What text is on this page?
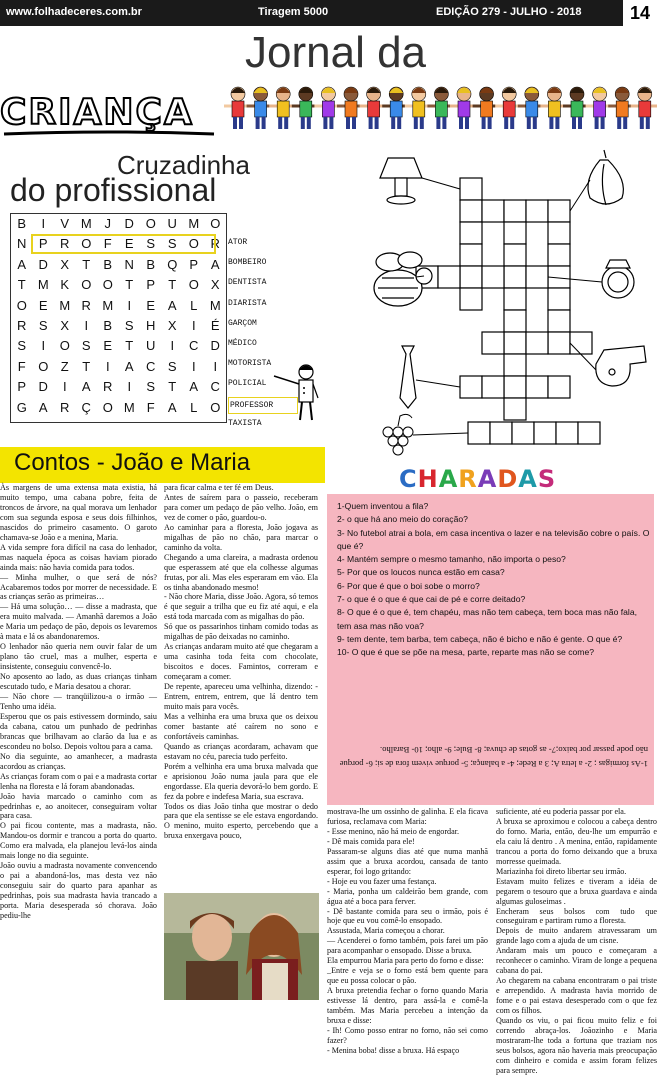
www.folhadeceres.com.br	Tiragem 5000	EDIÇÃO 279 - JULHO - 2018	14
Jornal da
CRIANÇA
Cruzadinha
do profissional
B	I	V M J	D O U M O
N P R O F	E S S O R
A D X	T	B N B Q P A
T M K O O T	P	T O X
O E M R M	I	E A	L M
R S X	I	B S H X	I	É
S	I	O S E	T U	I	C D
F O Z	T	I	A C S	I	I
P D	I	A R	I	S	T	A C
G A R Ç O M F	A	L O
ATOR
BOMBEIRO
DENTISTA
DIARISTA
GARÇOM
MÉDICO
MOTORISTA
POLICIAL
PROFESSOR
TAXISTA
Contos - João e Maria
CHARADAS
1-Quem inventou a fila?
2- o que há ano meio do coração?
3- No futebol atrai a bola, em casa incentiva o lazer e na televisão cobre o país. O que é?
4- Mantém sempre o mesmo tamanho, não importa o peso?
5- Por que os loucos nunca estão em casa?
6- Por que é que o boi sobe o morro?
7- o que é o que é que cai de pé e corre deitado?
8- O que é o que é, tem chapéu, mas não tem cabeça, tem boca mas não fala, tem asa mas não voa?
9- tem dente, tem barba, tem cabeça, não é bicho e não é gente. O que é?
10- O que é que se põe na mesa, parte, reparte mas não se come?
1-As formigas ; 2- a letra A; 3 a Rede; 4- a balança; 5- porque vivem fora de si; 6- porque não pode passar por baixo;7- as gotas de chuva; 8- Bule; 9- alho; 10- Baralho.

Às margens de uma extensa mata existia, há muito tempo, uma cabana pobre, feita de troncos de árvore, na qual morava um lenhador com sua segunda esposa e seus dois filhinhos, nascidos do primeiro casamento. O garoto chamava-se João e a menina, Maria.

A vida sempre fora difícil na casa do lenhador, mas naquela época as coisas haviam piorado ainda mais: não havia comida para todos.

— Minha mulher, o que será de nós? Acabaremos todos por morrer de necessidade. E as crianças serão as primeiras…

— Há uma solução… — disse a madrasta, que era muito malvada. — Amanhã daremos a João e Maria um pedaço de pão, depois os levaremos à mata e lá os abandonaremos.

O lenhador não queria nem ouvir falar de um plano tão cruel, mas a mulher, esperta e insistente, conseguiu convencê-lo.

No aposento ao lado, as duas crianças tinham escutado tudo, e Maria desatou a chorar.

— Não chore — tranqüilizou-a o irmão — Tenho uma idéia.

Esperou que os pais estivessem dormindo, saiu da cabana, catou um punhado de pedrinhas brancas que brilhavam ao clarão da lua e as escondeu no bolso. Depois voltou para a cama.

No dia seguinte, ao amanhecer, a madrasta acordou as crianças.

As crianças foram com o pai e a madrasta cortar lenha na floresta e lá foram abandonadas.

João havia marcado o caminho com as pedrinhas e, ao anoitecer, conseguiram voltar para casa.

O pai ficou contente, mas a madrasta, não. Mandou-os dormir e trancou a porta do quarto. Como era malvada, ela planejou levá-los ainda mais longe no dia seguinte.

João ouviu a madrasta novamente convencendo o pai a abandoná-los, mas desta vez não conseguiu sair do quarto para apanhar as pedrinhas, pois sua madrasta havia trancado a porta. Maria desesperada só chorava. João pediu-lhe

para ficar calma e ter fé em Deus.

Antes de saírem para o passeio, receberam para comer um pedaço de pão velho. João, em vez de comer o pão, guardou-o.

Ao caminhar para a floresta, João jogava as migalhas de pão no chão, para marcar o caminho da volta.

Chegando a uma clareira, a madrasta ordenou que esperassem até que ela colhesse algumas frutas, por ali. Mas eles esperaram em vão. Ela os tinha abandonado mesmo!

- Não chore Maria, disse João. Agora, só temos é que seguir a trilha que eu fiz até aqui, e ela está toda marcada com as migalhas do pão.

Só que os passarinhos tinham comido todas as migalhas de pão deixadas no caminho.

As crianças andaram muito até que chegaram a uma casinha toda feita com chocolate, biscoitos e doces. Famintos, correram e começaram a comer.

De repente, apareceu uma velhinha, dizendo: - Entrem, entrem, entrem, que lá dentro tem muito mais para vocês.

Mas a velhinha era uma bruxa que os deixou comer bastante até caírem no sono e confortáveis caminhas.

Quando as crianças acordaram, achavam que estavam no céu, parecia tudo perfeito.

Porém a velhinha era uma bruxa malvada que e aprisionou João numa jaula para que ele engordasse. Ela queria devorá-lo bem gordo. E fez da pobre e indefesa Maria, sua escrava.

Todos os dias João tinha que mostrar o dedo para que ela sentisse se ele estava engordando. O menino, muito esperto, percebendo que a bruxa enxergava pouco,

mostrava-lhe um ossinho de galinha. E ela ficava furiosa, reclamava com Maria:

- Esse menino, não há meio de engordar.

- Dê mais comida para ele!

Passaram-se alguns dias até que numa manhã assim que a bruxa acordou, cansada de tanto esperar, foi logo gritando:

- Hoje eu vou fazer uma festança.

- Maria, ponha um caldeirão bem grande, com água até a boca para ferver.

- Dê bastante comida para seu o irmão, pois é hoje que eu vou comê-lo ensopado.

Assustada, Maria começou a chorar.

— Acenderei o forno também, pois farei um pão para acompanhar o ensopado. Disse a bruxa.

Ela empurrou Maria para perto do forno e disse:

_Entre e veja se o forno está bem quente para que eu possa colocar o pão.

A bruxa pretendia fechar o forno quando Maria estivesse lá dentro, para assá-la e comê-la também. Mas Maria percebeu a intenção da bruxa e disse:

- Ih! Como posso entrar no forno, não sei como fazer?

- Menina boba! disse a bruxa. Há espaço

suficiente, até eu poderia passar por ela.

A bruxa se aproximou e colocou a cabeça dentro do forno. Maria, então, deu-lhe um empurrão e ela caiu lá dentro . A menina, então, rapidamente trancou a porta do forno deixando que a bruxa morresse queimada.

Mariazinha foi direto libertar seu irmão.

Estavam muito felizes e tiveram a idéia de pegarem o tesouro que a bruxa guardava e ainda algumas guloseimas .

Encheram seus bolsos com tudo que conseguiram e partiram rumo a floresta.

Depois de muito andarem atravessaram um grande lago com a ajuda de um cisne.

Andaram mais um pouco e começaram a reconhecer o caminho. Viram de longe a pequena cabana do pai.

Ao chegarem na cabana encontraram o pai triste e arrependido. A madrasta havia morrido de fome e o pai estava desesperado com o que fez com os filhos.

Quando os viu, o pai ficou muito feliz e foi correndo abraça-los. Joãozinho e Maria mostraram-lhe toda a fortuna que traziam nos seus bolsos, agora não haveria mais preocupação com dinheiro e comida e assim foram felizes para sempre.
